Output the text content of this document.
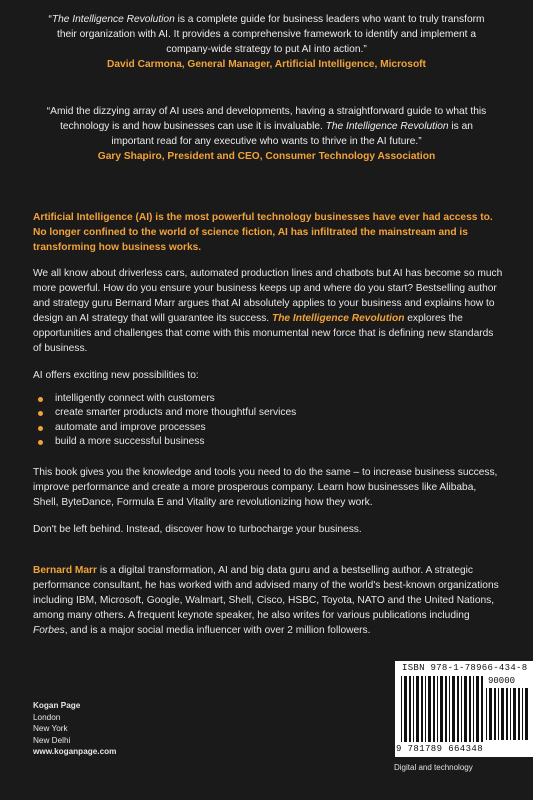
“The Intelligence Revolution is a complete guide for business leaders who want to truly transform their organization with AI. It provides a comprehensive framework to identify and implement a company-wide strategy to put AI into action.”
David Carmona, General Manager, Artificial Intelligence, Microsoft
“Amid the dizzying array of AI uses and developments, having a straightforward guide to what this technology is and how businesses can use it is invaluable. The Intelligence Revolution is an important read for any executive who wants to thrive in the AI future.”
Gary Shapiro, President and CEO, Consumer Technology Association
Artificial Intelligence (AI) is the most powerful technology businesses have ever had access to. No longer confined to the world of science fiction, AI has infiltrated the mainstream and is transforming how business works.
We all know about driverless cars, automated production lines and chatbots but AI has become so much more powerful. How do you ensure your business keeps up and where do you start? Bestselling author and strategy guru Bernard Marr argues that AI absolutely applies to your business and explains how to design an AI strategy that will guarantee its success. The Intelligence Revolution explores the opportunities and challenges that come with this monumental new force that is defining new standards of business.
AI offers exciting new possibilities to:
intelligently connect with customers
create smarter products and more thoughtful services
automate and improve processes
build a more successful business
This book gives you the knowledge and tools you need to do the same – to increase business success, improve performance and create a more prosperous company. Learn how businesses like Alibaba, Shell, ByteDance, Formula E and Vitality are revolutionizing how they work.
Don't be left behind. Instead, discover how to turbocharge your business.
Bernard Marr is a digital transformation, AI and big data guru and a bestselling author. A strategic performance consultant, he has worked with and advised many of the world's best-known organizations including IBM, Microsoft, Google, Walmart, Shell, Cisco, HSBC, Toyota, NATO and the United Nations, among many others. A frequent keynote speaker, he also writes for various publications including Forbes, and is a major social media influencer with over 2 million followers.
Kogan Page
London
New York
New Delhi
www.koganpage.com
ISBN 978-1-78966-434-8
90000
9 781789 664348
Digital and technology
